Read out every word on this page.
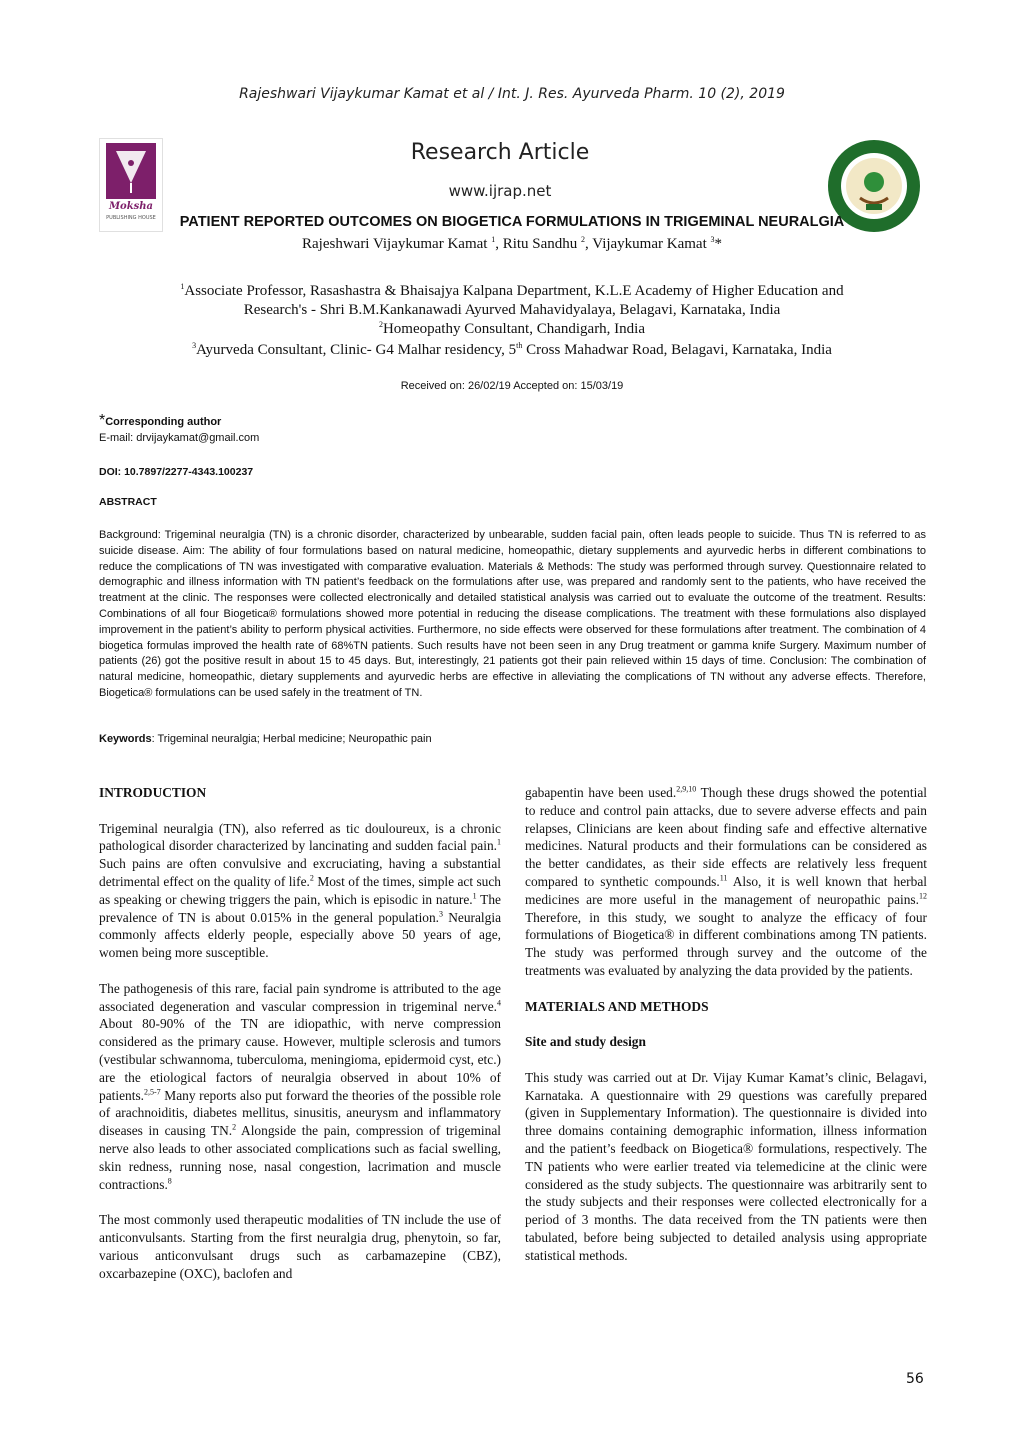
Rajeshwari Vijaykumar Kamat et al / Int. J. Res. Ayurveda Pharm. 10 (2), 2019
Moksha
PUBLISHING HOUSE
Research Article
www.ijrap.net
PATIENT REPORTED OUTCOMES ON BIOGETICA FORMULATIONS IN TRIGEMINAL NEURALGIA
Rajeshwari Vijaykumar Kamat $^1$, Ritu Sandhu $^2$, Vijaykumar Kamat $^3$*
$^1$Associate Professor, Rasashastra & Bhaisajya Kalpana Department, K.L.E Academy of Higher Education and
Research's - Shri B.M.Kankanawadi Ayurved Mahavidyalaya, Belagavi, Karnataka, India
$^2$Homeopathy Consultant, Chandigarh, India
$^3$Ayurveda Consultant, Clinic- G4 Malhar residency, 5th Cross Mahadwar Road, Belagavi, Karnataka, India
Received on: 26/02/19 Accepted on: 15/03/19
*Corresponding author
E-mail: drvijaykamat@gmail.com
DOI: 10.7897/2277-4343.100237
ABSTRACT

Background: Trigeminal neuralgia (TN) is a chronic disorder, characterized by unbearable, sudden facial pain, often leads people to suicide. Thus TN is referred to as suicide disease. Aim: The ability of four formulations based on natural medicine, homeopathic, dietary supplements and ayurvedic herbs in different combinations to reduce the complications of TN was investigated with comparative evaluation. Materials & Methods: The study was performed through survey. Questionnaire related to demographic and illness information with TN patient’s feedback on the formulations after use, was prepared and randomly sent to the patients, who have received the treatment at the clinic. The responses were collected electronically and detailed statistical analysis was carried out to evaluate the outcome of the treatment. Results: Combinations of all four Biogetica® formulations showed more potential in reducing the disease complications. The treatment with these formulations also displayed improvement in the patient’s ability to perform physical activities. Furthermore, no side effects were observed for these formulations after treatment. The combination of 4 biogetica formulas improved the health rate of 68%TN patients. Such results have not been seen in any Drug treatment or gamma knife Surgery. Maximum number of patients (26) got the positive result in about 15 to 45 days. But, interestingly, 21 patients got their pain relieved within 15 days of time. Conclusion: The combination of natural medicine, homeopathic, dietary supplements and ayurvedic herbs are effective in alleviating the complications of TN without any adverse effects. Therefore, Biogetica® formulations can be used safely in the treatment of TN.

Keywords: Trigeminal neuralgia; Herbal medicine; Neuropathic pain
INTRODUCTION

Trigeminal neuralgia (TN), also referred as tic douloureux, is a chronic pathological disorder characterized by lancinating and sudden facial pain.$^1$ Such pains are often convulsive and excruciating, having a substantial detrimental effect on the quality of life.$^2$ Most of the times, simple act such as speaking or chewing triggers the pain, which is episodic in nature.$^1$ The prevalence of TN is about 0.015% in the general population.$^3$ Neuralgia commonly affects elderly people, especially above 50 years of age, women being more susceptible.

The pathogenesis of this rare, facial pain syndrome is attributed to the age associated degeneration and vascular compression in trigeminal nerve.$^4$ About 80-90% of the TN are idiopathic, with nerve compression considered as the primary cause. However, multiple sclerosis and tumors (vestibular schwannoma, tuberculoma, meningioma, epidermoid cyst, etc.) are the etiological factors of neuralgia observed in about 10% of patients.$^{2,5-7}$ Many reports also put forward the theories of the possible role of arachnoiditis, diabetes mellitus, sinusitis, aneurysm and inflammatory diseases in causing TN.$^2$ Alongside the pain, compression of trigeminal nerve also leads to other associated complications such as facial swelling, skin redness, running nose, nasal congestion, lacrimation and muscle contractions.$^8$

The most commonly used therapeutic modalities of TN include the use of anticonvulsants. Starting from the first neuralgia drug, phenytoin, so far, various anticonvulsant drugs such as carbamazepine (CBZ), oxcarbazepine (OXC), baclofen and

gabapentin have been used.$^{2,9,10}$ Though these drugs showed the potential to reduce and control pain attacks, due to severe adverse effects and pain relapses, Clinicians are keen about finding safe and effective alternative medicines. Natural products and their formulations can be considered as the better candidates, as their side effects are relatively less frequent compared to synthetic compounds.$^{11}$ Also, it is well known that herbal medicines are more useful in the management of neuropathic pains.$^{12}$ Therefore, in this study, we sought to analyze the efficacy of four formulations of Biogetica® in different combinations among TN patients. The study was performed through survey and the outcome of the treatments was evaluated by analyzing the data provided by the patients.

MATERIALS AND METHODS
Site and study design

This study was carried out at Dr. Vijay Kumar Kamat’s clinic, Belagavi, Karnataka. A questionnaire with 29 questions was carefully prepared (given in Supplementary Information). The questionnaire is divided into three domains containing demographic information, illness information and the patient’s feedback on Biogetica® formulations, respectively. The TN patients who were earlier treated via telemedicine at the clinic were considered as the study subjects. The questionnaire was arbitrarily sent to the study subjects and their responses were collected electronically for a period of 3 months. The data received from the TN patients were then tabulated, before being subjected to detailed analysis using appropriate statistical methods.

56
